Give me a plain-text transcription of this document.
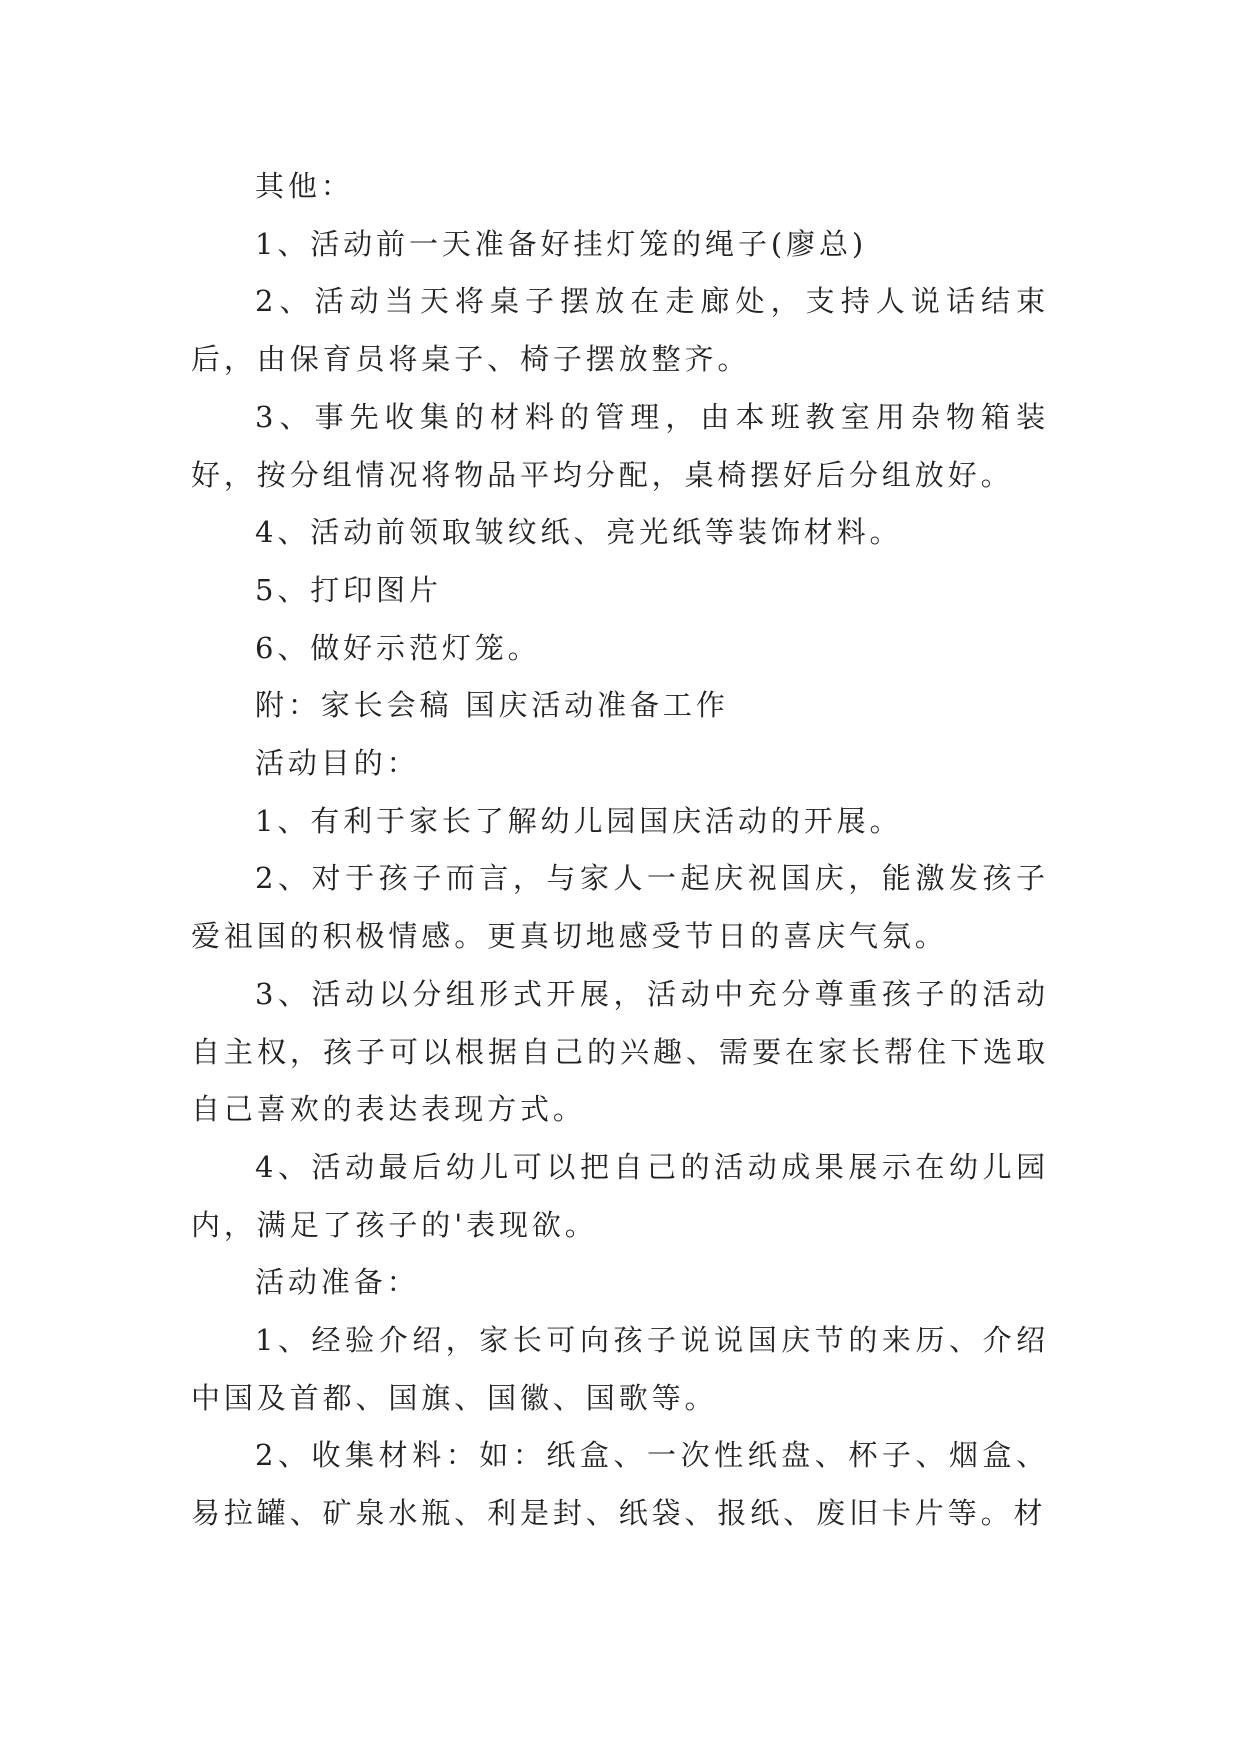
其他：

1、活动前一天准备好挂灯笼的绳子(廖总)

2、活动当天将桌子摆放在走廊处，支持人说话结束后，由保育员将桌子、椅子摆放整齐。

3、事先收集的材料的管理，由本班教室用杂物箱装好，按分组情况将物品平均分配，桌椅摆好后分组放好。

4、活动前领取皱纹纸、亮光纸等装饰材料。

5、打印图片

6、做好示范灯笼。

附：家长会稿 国庆活动准备工作

活动目的：

1、有利于家长了解幼儿园国庆活动的开展。

2、对于孩子而言，与家人一起庆祝国庆，能激发孩子爱祖国的积极情感。更真切地感受节日的喜庆气氛。

3、活动以分组形式开展，活动中充分尊重孩子的活动自主权，孩子可以根据自己的兴趣、需要在家长帮住下选取自己喜欢的表达表现方式。

4、活动最后幼儿可以把自己的活动成果展示在幼儿园内，满足了孩子的'表现欲。

活动准备：

1、经验介绍，家长可向孩子说说国庆节的来历、介绍中国及首都、国旗、国徽、国歌等。

2、收集材料：如：纸盒、一次性纸盘、杯子、烟盒、易拉罐、矿泉水瓶、利是封、纸袋、报纸、废旧卡片等。材
